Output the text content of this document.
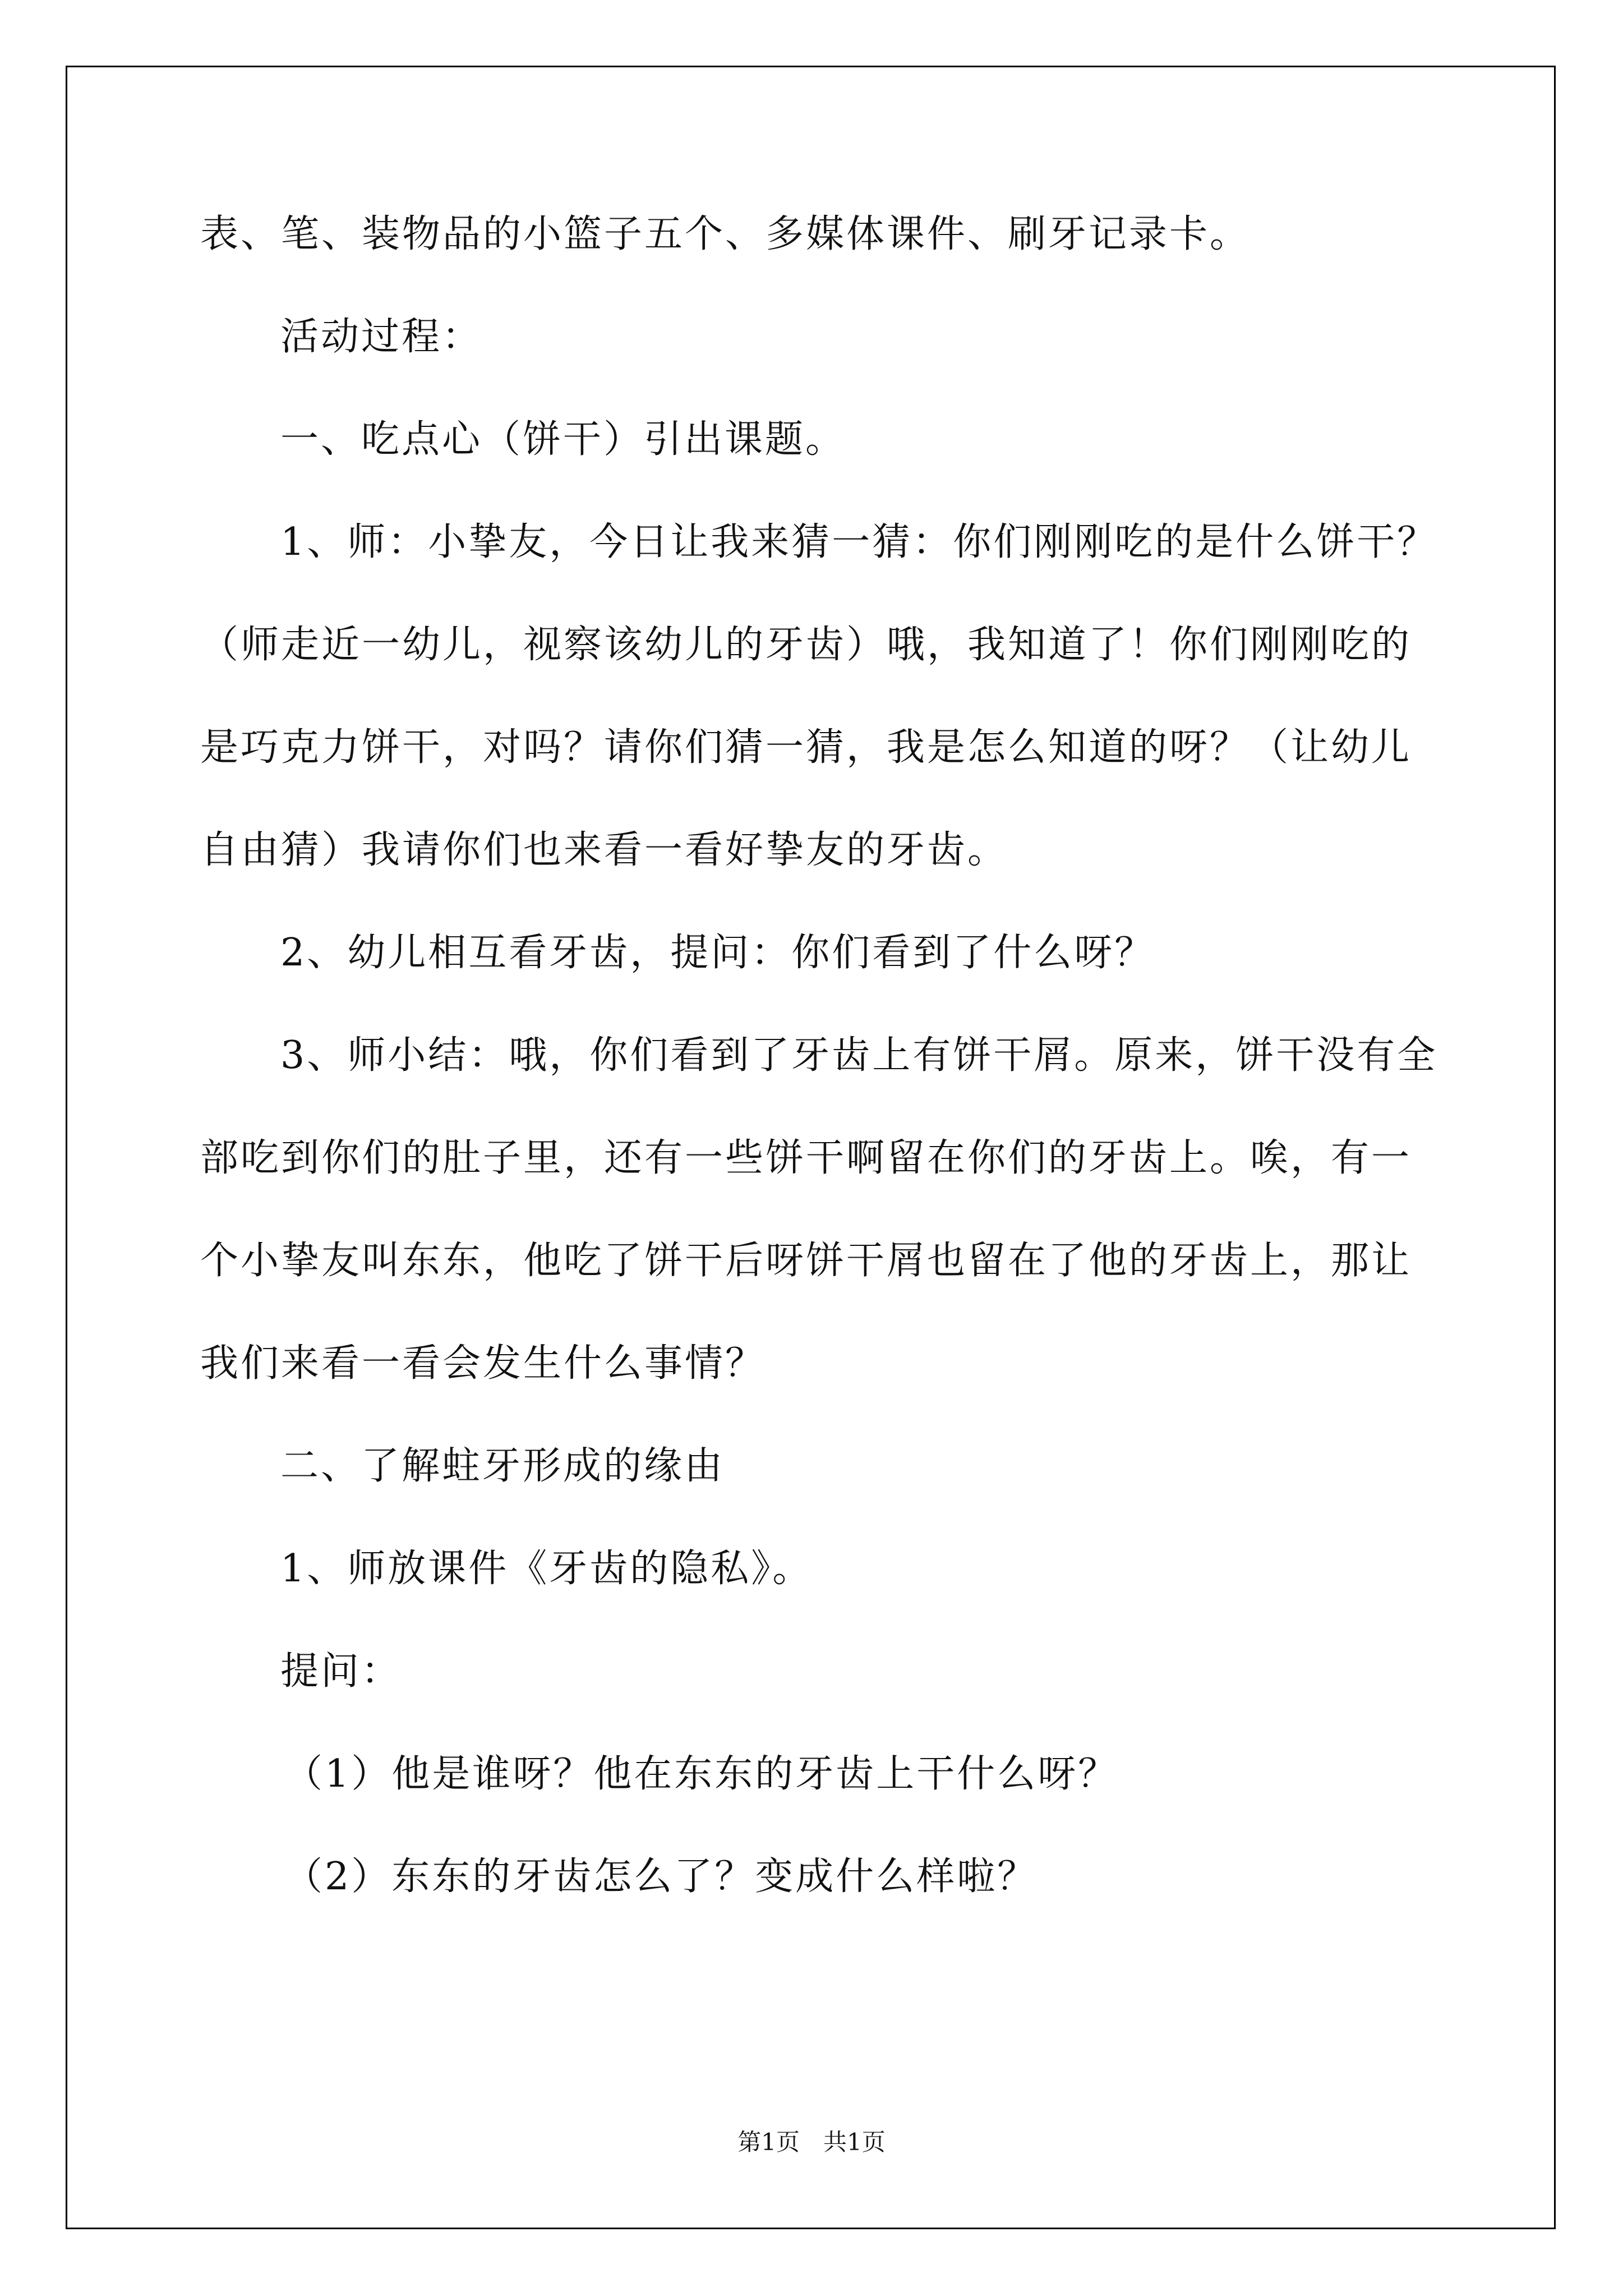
表、笔、装物品的小篮子五个、多媒体课件、刷牙记录卡。
活动过程：
一、吃点心（饼干）引出课题。
1、师：小挚友，今日让我来猜一猜：你们刚刚吃的是什么饼干？
（师走近一幼儿，视察该幼儿的牙齿）哦，我知道了！你们刚刚吃的
是巧克力饼干，对吗？请你们猜一猜，我是怎么知道的呀？（让幼儿
自由猜）我请你们也来看一看好挚友的牙齿。
2、幼儿相互看牙齿，提问：你们看到了什么呀？
3、师小结：哦，你们看到了牙齿上有饼干屑。原来，饼干没有全
部吃到你们的肚子里，还有一些饼干啊留在你们的牙齿上。唉，有一
个小挚友叫东东，他吃了饼干后呀饼干屑也留在了他的牙齿上，那让
我们来看一看会发生什么事情？
二、了解蛀牙形成的缘由
1、师放课件《牙齿的隐私》。
提问：
（1）他是谁呀？他在东东的牙齿上干什么呀？
（2）东东的牙齿怎么了？变成什么样啦？
第1页　共1页
